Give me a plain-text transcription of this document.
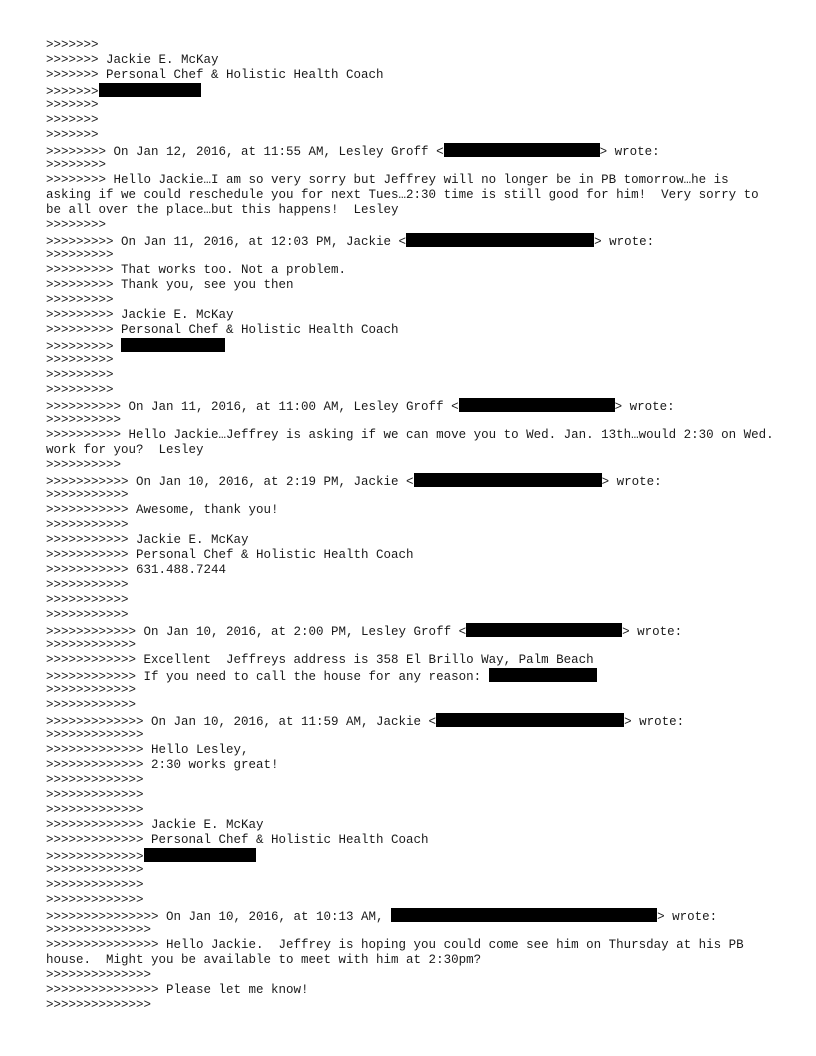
>>>>>>>
>>>>>>> Jackie E. McKay
>>>>>>> Personal Chef & Holistic Health Coach
>>>>>>>
>>>>>>>
>>>>>>>
>>>>>>>
>>>>>>>> On Jan 12, 2016, at 11:55 AM, Lesley Groff <	> wrote:
>>>>>>>>
>>>>>>>> Hello Jackie…I am so very sorry but Jeffrey will no longer be in PB tomorrow…he is asking if we could reschedule you for next Tues…2:30 time is still good for him!  Very sorry to be all over the place…but this happens!  Lesley
>>>>>>>>
>>>>>>>>> On Jan 11, 2016, at 12:03 PM, Jackie <	> wrote:
>>>>>>>>>
>>>>>>>>> That works too. Not a problem.
>>>>>>>>> Thank you, see you then
>>>>>>>>>
>>>>>>>>> Jackie E. McKay
>>>>>>>>> Personal Chef & Holistic Health Coach
>>>>>>>>>
>>>>>>>>>
>>>>>>>>>
>>>>>>>>>
>>>>>>>>>> On Jan 11, 2016, at 11:00 AM, Lesley Groff <	> wrote:
>>>>>>>>>>
>>>>>>>>>> Hello Jackie…Jeffrey is asking if we can move you to Wed. Jan. 13th…would 2:30 on Wed. work for you?  Lesley
>>>>>>>>>>
>>>>>>>>>>> On Jan 10, 2016, at 2:19 PM, Jackie <	> wrote:
>>>>>>>>>>>
>>>>>>>>>>> Awesome, thank you!
>>>>>>>>>>>
>>>>>>>>>>> Jackie E. McKay
>>>>>>>>>>> Personal Chef & Holistic Health Coach
>>>>>>>>>>> 631.488.7244
>>>>>>>>>>>
>>>>>>>>>>>
>>>>>>>>>>>
>>>>>>>>>>>> On Jan 10, 2016, at 2:00 PM, Lesley Groff <	> wrote:
>>>>>>>>>>>>
>>>>>>>>>>>> Excellent  Jeffreys address is 358 El Brillo Way, Palm Beach
>>>>>>>>>>>> If you need to call the house for any reason:
>>>>>>>>>>>>
>>>>>>>>>>>>
>>>>>>>>>>>>> On Jan 10, 2016, at 11:59 AM, Jackie <	> wrote:
>>>>>>>>>>>>>
>>>>>>>>>>>>> Hello Lesley,
>>>>>>>>>>>>> 2:30 works great!
>>>>>>>>>>>>>
>>>>>>>>>>>>>
>>>>>>>>>>>>>
>>>>>>>>>>>>> Jackie E. McKay
>>>>>>>>>>>>> Personal Chef & Holistic Health Coach
>>>>>>>>>>>>>
>>>>>>>>>>>>>
>>>>>>>>>>>>>
>>>>>>>>>>>>>
>>>>>>>>>>>>>>> On Jan 10, 2016, at 10:13 AM,	> wrote:
>>>>>>>>>>>>>>
>>>>>>>>>>>>>>> Hello Jackie.  Jeffrey is hoping you could come see him on Thursday at his PB house.  Might you be available to meet with him at 2:30pm?
>>>>>>>>>>>>>>
>>>>>>>>>>>>>>> Please let me know!
>>>>>>>>>>>>>>
